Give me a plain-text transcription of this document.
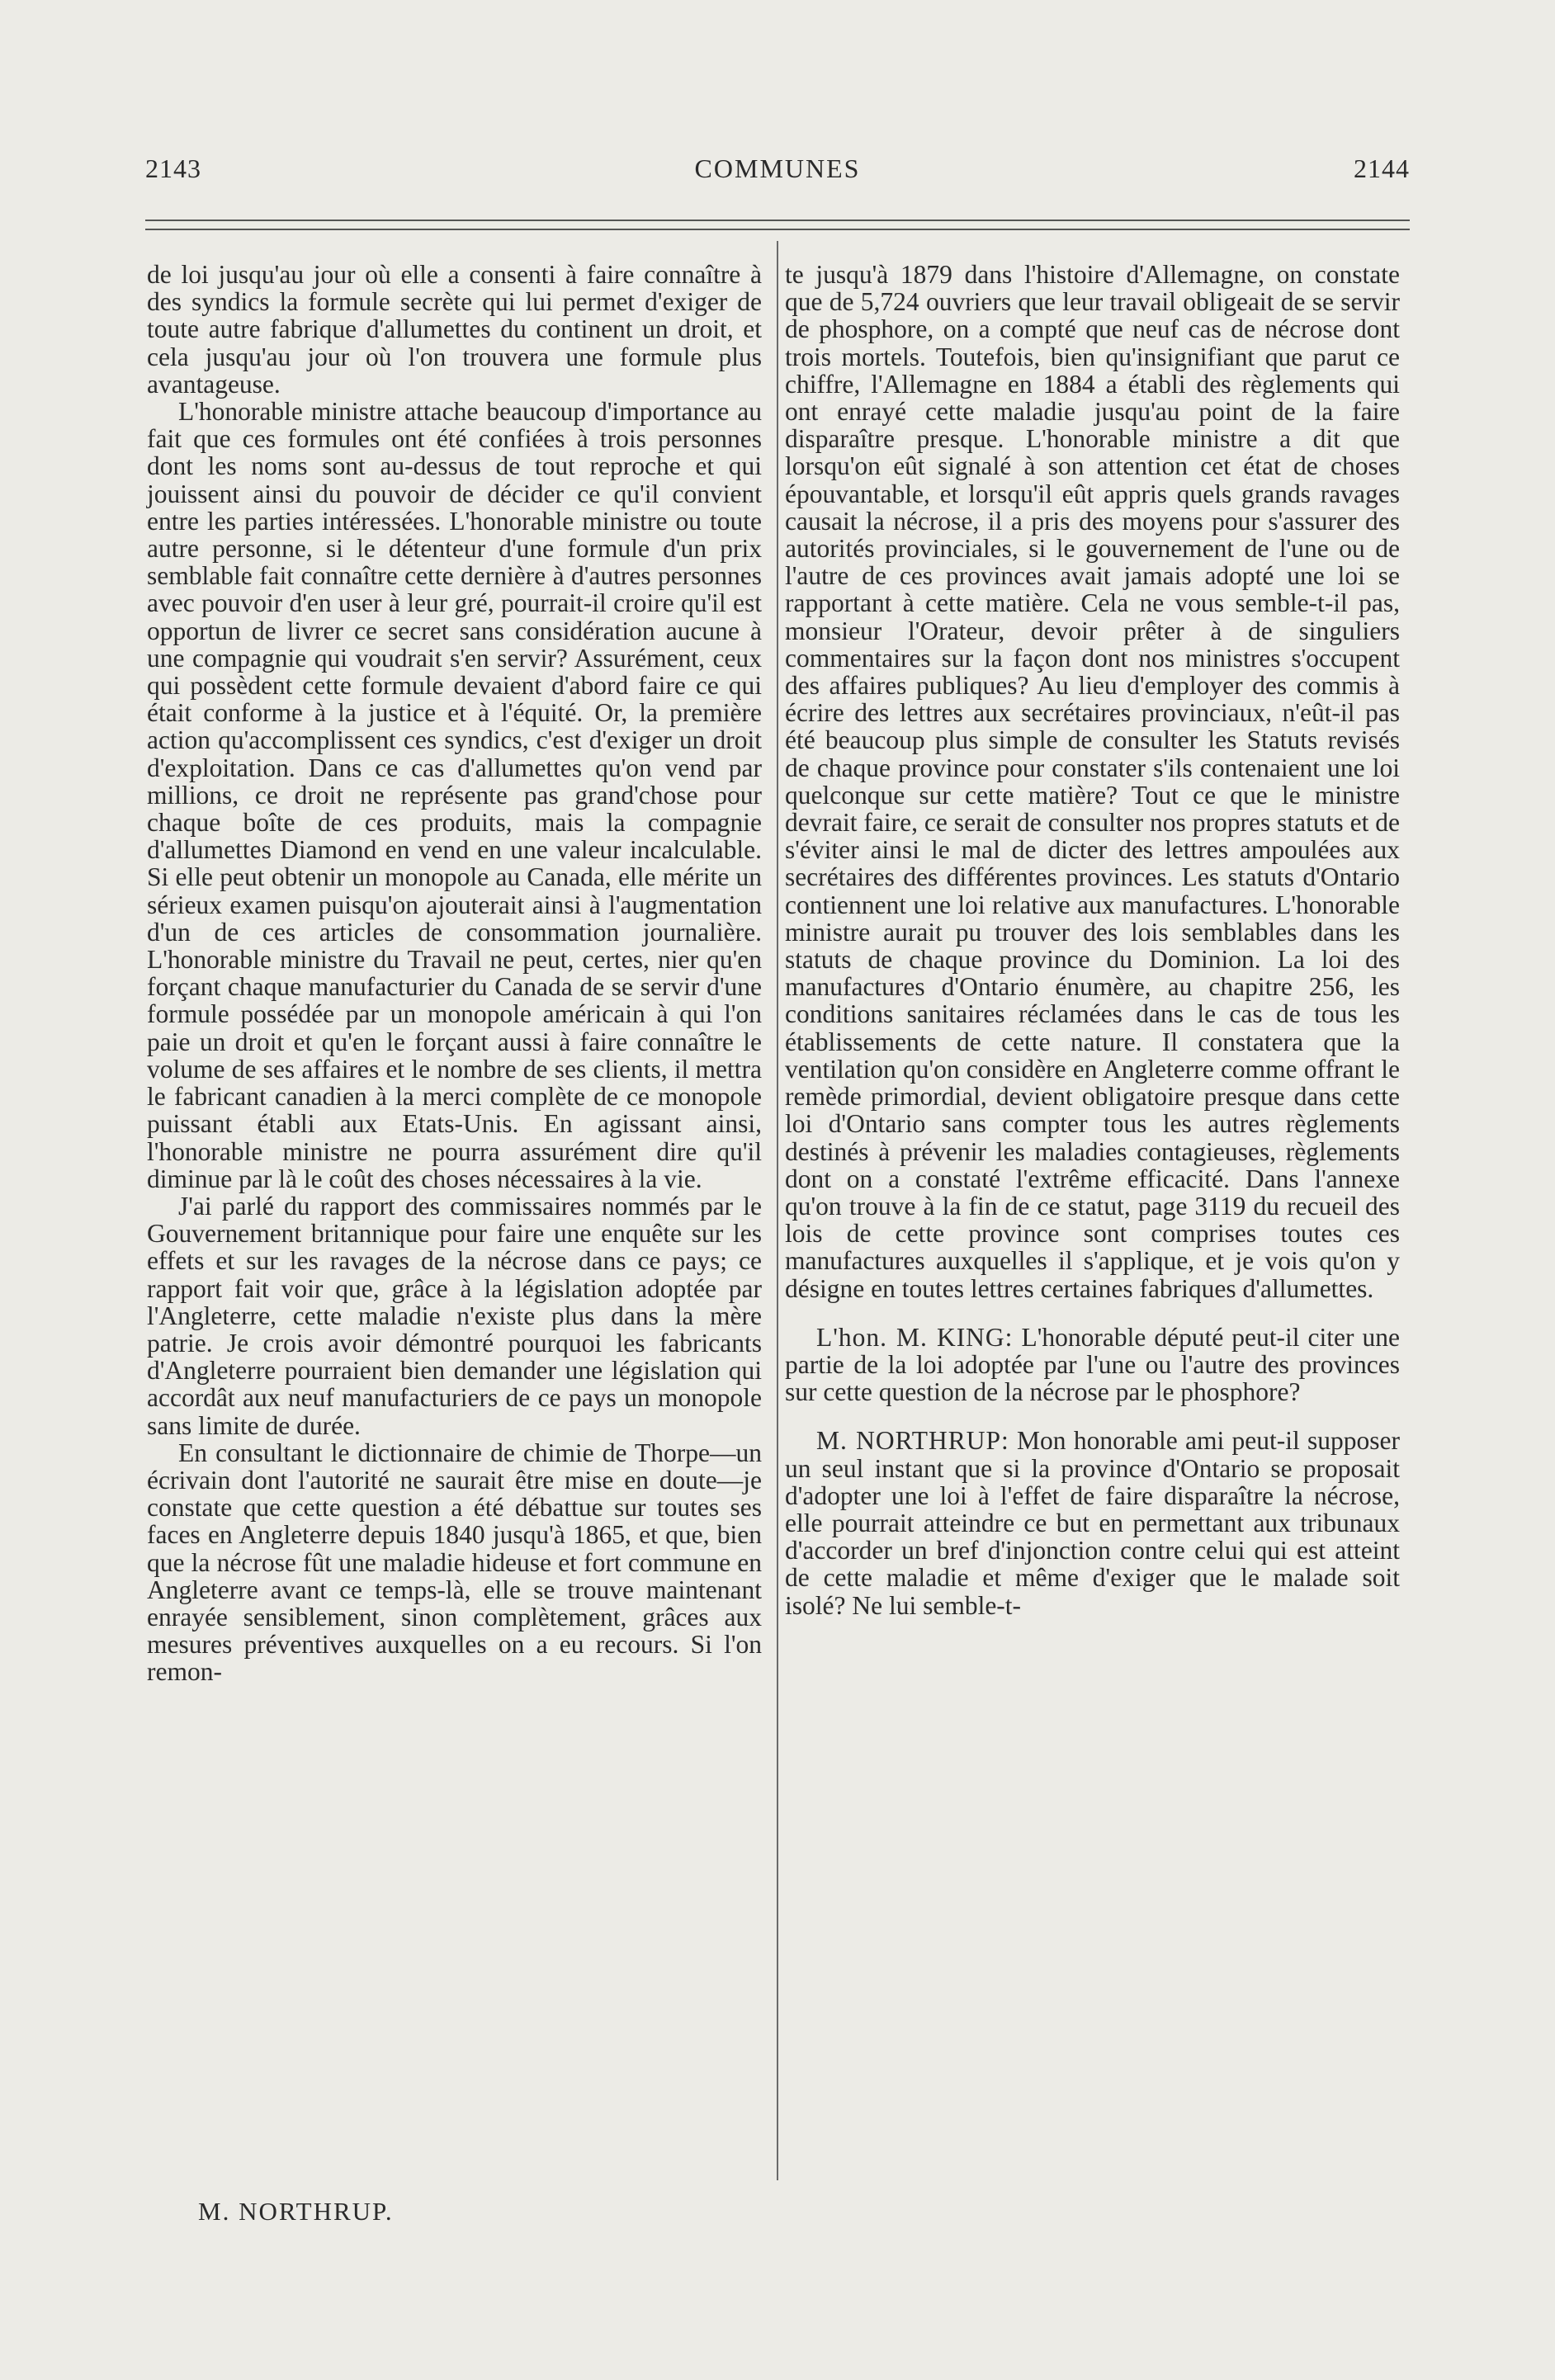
COMMUNES
2143	2144

de loi jusqu'au jour où elle a consenti à faire connaître à des syndics la formule secrète qui lui permet d'exiger de toute autre fabrique d'allumettes du continent un droit, et cela jusqu'au jour où l'on trouvera une formule plus avantageuse.

L'honorable ministre attache beaucoup d'importance au fait que ces formules ont été confiées à trois personnes dont les noms sont au-dessus de tout reproche et qui jouissent ainsi du pouvoir de décider ce qu'il convient entre les parties intéressées. L'honorable ministre ou toute autre personne, si le détenteur d'une formule d'un prix semblable fait connaître cette dernière à d'autres personnes avec pouvoir d'en user à leur gré, pourrait-il croire qu'il est opportun de livrer ce secret sans considération aucune à une compagnie qui voudrait s'en servir? Assurément, ceux qui possèdent cette formule devaient d'abord faire ce qui était conforme à la justice et à l'équité. Or, la première action qu'accomplissent ces syndics, c'est d'exiger un droit d'exploitation. Dans ce cas d'allumettes qu'on vend par millions, ce droit ne représente pas grand'chose pour chaque boîte de ces produits, mais la compagnie d'allumettes Diamond en vend en une valeur incalculable. Si elle peut obtenir un monopole au Canada, elle mérite un sérieux examen puisqu'on ajouterait ainsi à l'augmentation d'un de ces articles de consommation journalière. L'honorable ministre du Travail ne peut, certes, nier qu'en forçant chaque manufacturier du Canada de se servir d'une formule possédée par un monopole américain à qui l'on paie un droit et qu'en le forçant aussi à faire connaître le volume de ses affaires et le nombre de ses clients, il mettra le fabricant canadien à la merci complète de ce monopole puissant établi aux Etats-Unis. En agissant ainsi, l'honorable ministre ne pourra assurément dire qu'il diminue par là le coût des choses nécessaires à la vie.

J'ai parlé du rapport des commissaires nommés par le Gouvernement britannique pour faire une enquête sur les effets et sur les ravages de la nécrose dans ce pays; ce rapport fait voir que, grâce à la législation adoptée par l'Angleterre, cette maladie n'existe plus dans la mère patrie. Je crois avoir démontré pourquoi les fabricants d'Angleterre pourraient bien demander une législation qui accordât aux neuf manufacturiers de ce pays un monopole sans limite de durée.

En consultant le dictionnaire de chimie de Thorpe—un écrivain dont l'autorité ne saurait être mise en doute—je constate que cette question a été débattue sur toutes ses faces en Angleterre depuis 1840 jusqu'à 1865, et que, bien que la nécrose fût une maladie hideuse et fort commune en Angleterre avant ce temps-là, elle se trouve maintenant enrayée sensiblement, sinon complètement, grâces aux mesures préventives auxquelles on a eu recours. Si l'on remon-

M. NORTHRUP.

te jusqu'à 1879 dans l'histoire d'Allemagne, on constate que de 5,724 ouvriers que leur travail obligeait de se servir de phosphore, on a compté que neuf cas de nécrose dont trois mortels. Toutefois, bien qu'insignifiant que parut ce chiffre, l'Allemagne en 1884 a établi des règlements qui ont enrayé cette maladie jusqu'au point de la faire disparaître presque. L'honorable ministre a dit que lorsqu'on eût signalé à son attention cet état de choses épouvantable, et lorsqu'il eût appris quels grands ravages causait la nécrose, il a pris des moyens pour s'assurer des autorités provinciales, si le gouvernement de l'une ou de l'autre de ces provinces avait jamais adopté une loi se rapportant à cette matière. Cela ne vous semble-t-il pas, monsieur l'Orateur, devoir prêter à de singuliers commentaires sur la façon dont nos ministres s'occupent des affaires publiques? Au lieu d'employer des commis à écrire des lettres aux secrétaires provinciaux, n'eût-il pas été beaucoup plus simple de consulter les Statuts revisés de chaque province pour constater s'ils contenaient une loi quelconque sur cette matière? Tout ce que le ministre devrait faire, ce serait de consulter nos propres statuts et de s'éviter ainsi le mal de dicter des lettres ampoulées aux secrétaires des différentes provinces. Les statuts d'Ontario contiennent une loi relative aux manufactures. L'honorable ministre aurait pu trouver des lois semblables dans les statuts de chaque province du Dominion. La loi des manufactures d'Ontario énumère, au chapitre 256, les conditions sanitaires réclamées dans le cas de tous les établissements de cette nature. Il constatera que la ventilation qu'on considère en Angleterre comme offrant le remède primordial, devient obligatoire presque dans cette loi d'Ontario sans compter tous les autres règlements destinés à prévenir les maladies contagieuses, règlements dont on a constaté l'extrême efficacité. Dans l'annexe qu'on trouve à la fin de ce statut, page 3119 du recueil des lois de cette province sont comprises toutes ces manufactures auxquelles il s'applique, et je vois qu'on y désigne en toutes lettres certaines fabriques d'allumettes.

L'hon. M. KING: L'honorable député peut-il citer une partie de la loi adoptée par l'une ou l'autre des provinces sur cette question de la nécrose par le phosphore?

M. NORTHRUP: Mon honorable ami peut-il supposer un seul instant que si la province d'Ontario se proposait d'adopter une loi à l'effet de faire disparaître la nécrose, elle pourrait atteindre ce but en permettant aux tribunaux d'accorder un bref d'injonction contre celui qui est atteint de cette maladie et même d'exiger que le malade soit isolé? Ne lui semble-t-
